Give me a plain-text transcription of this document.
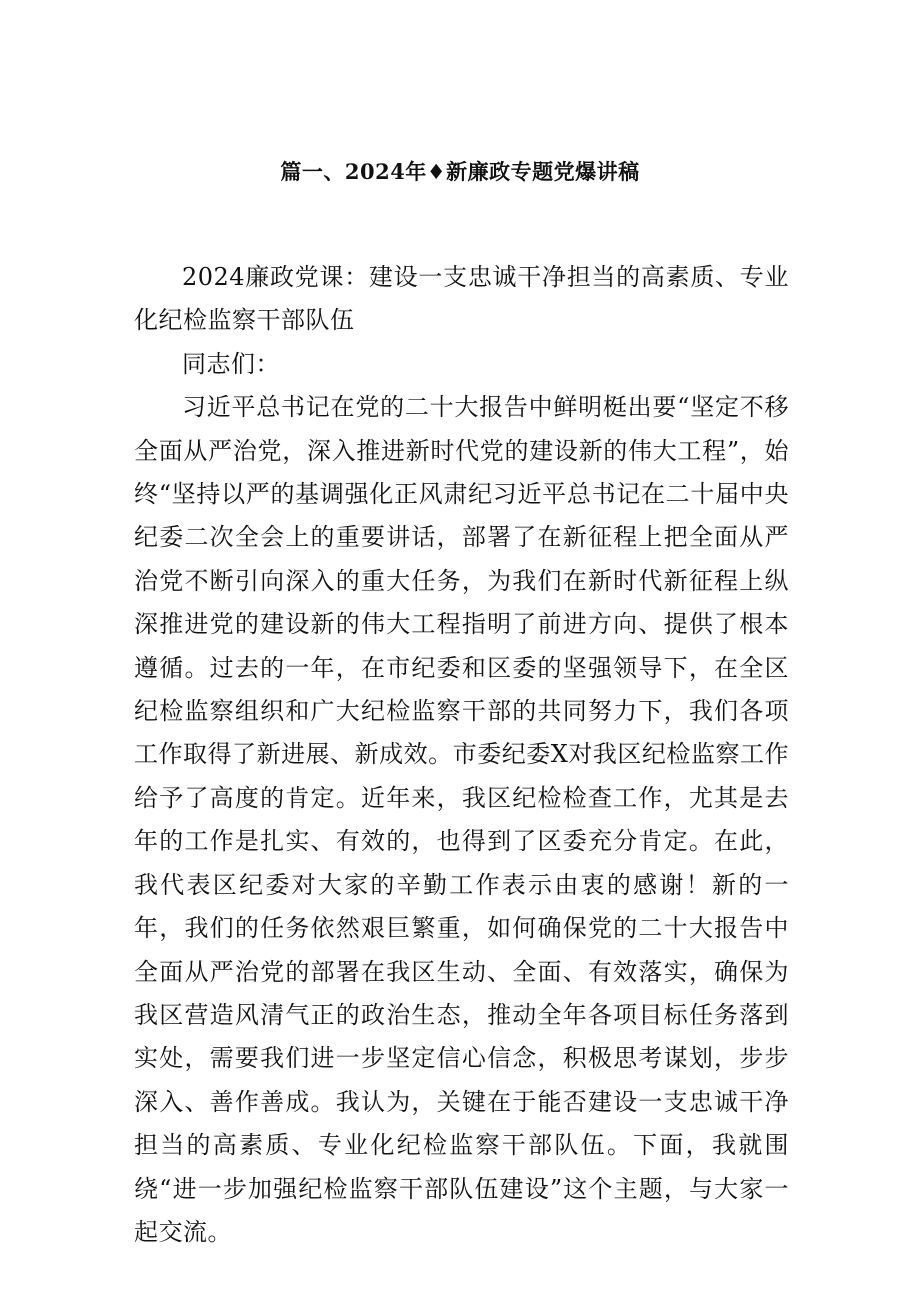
篇一、2024年♦新廉政专题党爆讲稿

2024廉政党课：建设一支忠诚干净担当的高素质、专业化纪检监察干部队伍

同志们：

习近平总书记在党的二十大报告中鲜明梃出要“坚定不移全面从严治党，深入推进新时代党的建设新的伟大工程”，始终“坚持以严的基调强化正风肃纪习近平总书记在二十届中央纪委二次全会上的重要讲话，部署了在新征程上把全面从严治党不断引向深入的重大任务，为我们在新时代新征程上纵深推进党的建设新的伟大工程指明了前进方向、提供了根本遵循。过去的一年，在市纪委和区委的坚强领导下，在全区纪检监察组织和广大纪检监察干部的共同努力下，我们各项工作取得了新进展、新成效。市委纪委X对我区纪检监察工作给予了高度的肯定。近年来，我区纪检检查工作，尤其是去年的工作是扎实、有效的，也得到了区委充分肯定。在此，我代表区纪委对大家的辛勤工作表示由衷的感谢！新的一年，我们的任务依然艰巨繁重，如何确保党的二十大报告中全面从严治党的部署在我区生动、全面、有效落实，确保为我区营造风清气正的政治生态，推动全年各项目标任务落到实处，需要我们进一步坚定信心信念，积极思考谋划，步步深入、善作善成。我认为，关键在于能否建设一支忠诚干净担当的高素质、专业化纪检监察干部队伍。下面，我就围绕“进一步加强纪检监察干部队伍建设”这个主题，与大家一起交流。
